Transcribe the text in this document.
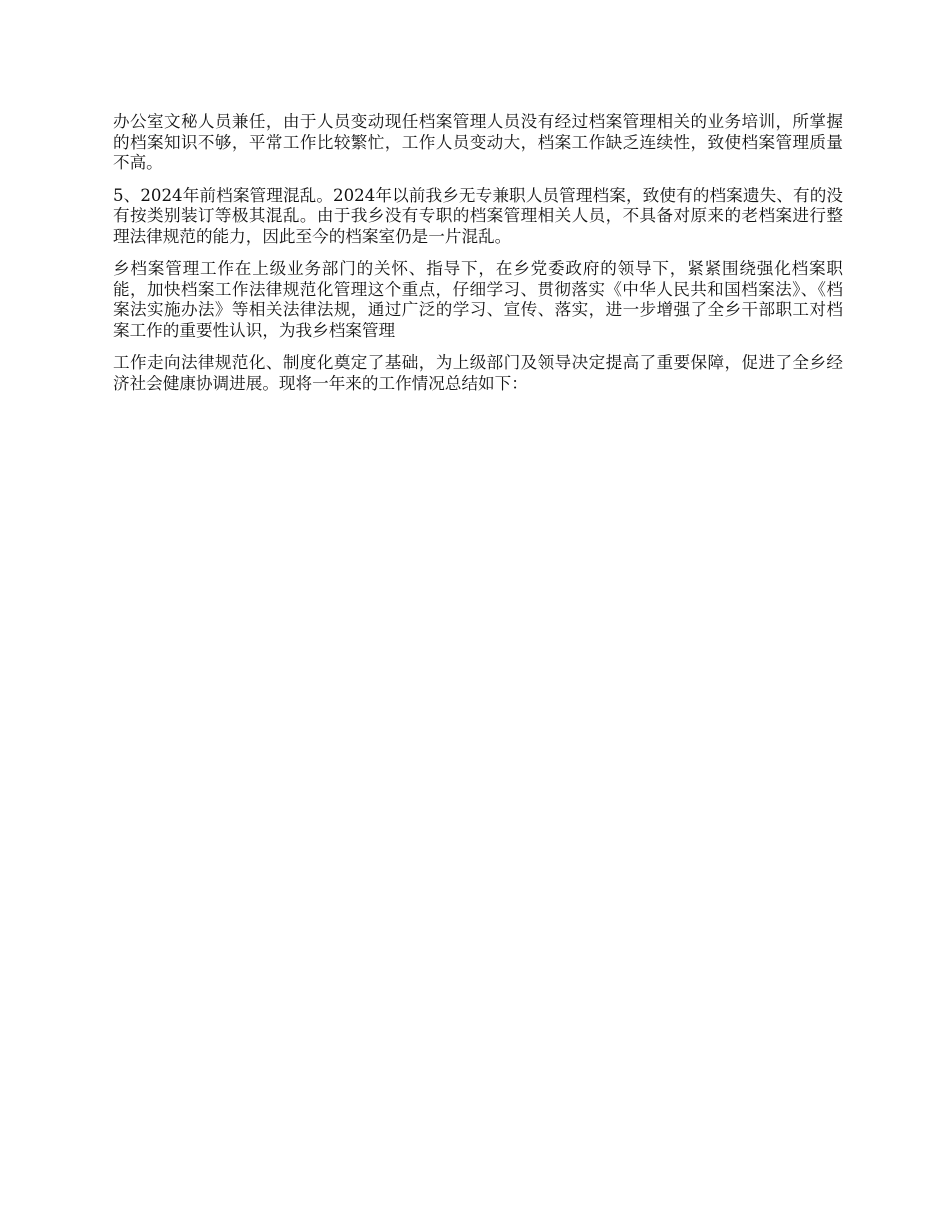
办公室文秘人员兼任，由于人员变动现任档案管理人员没有经过档案管理相关的业务培训，所掌握的档案知识不够，平常工作比较繁忙，工作人员变动大，档案工作缺乏连续性，致使档案管理质量不高。

5、2024年前档案管理混乱。2024年以前我乡无专兼职人员管理档案，致使有的档案遗失、有的没有按类别装订等极其混乱。由于我乡没有专职的档案管理相关人员，不具备对原来的老档案进行整理法律规范的能力，因此至今的档案室仍是一片混乱。

乡档案管理工作在上级业务部门的关怀、指导下，在乡党委政府的领导下，紧紧围绕强化档案职能，加快档案工作法律规范化管理这个重点，仔细学习、贯彻落实《中华人民共和国档案法》、《档案法实施办法》等相关法律法规，通过广泛的学习、宣传、落实，进一步增强了全乡干部职工对档案工作的重要性认识，为我乡档案管理

工作走向法律规范化、制度化奠定了基础，为上级部门及领导决定提高了重要保障，促进了全乡经济社会健康协调进展。现将一年来的工作情况总结如下：
